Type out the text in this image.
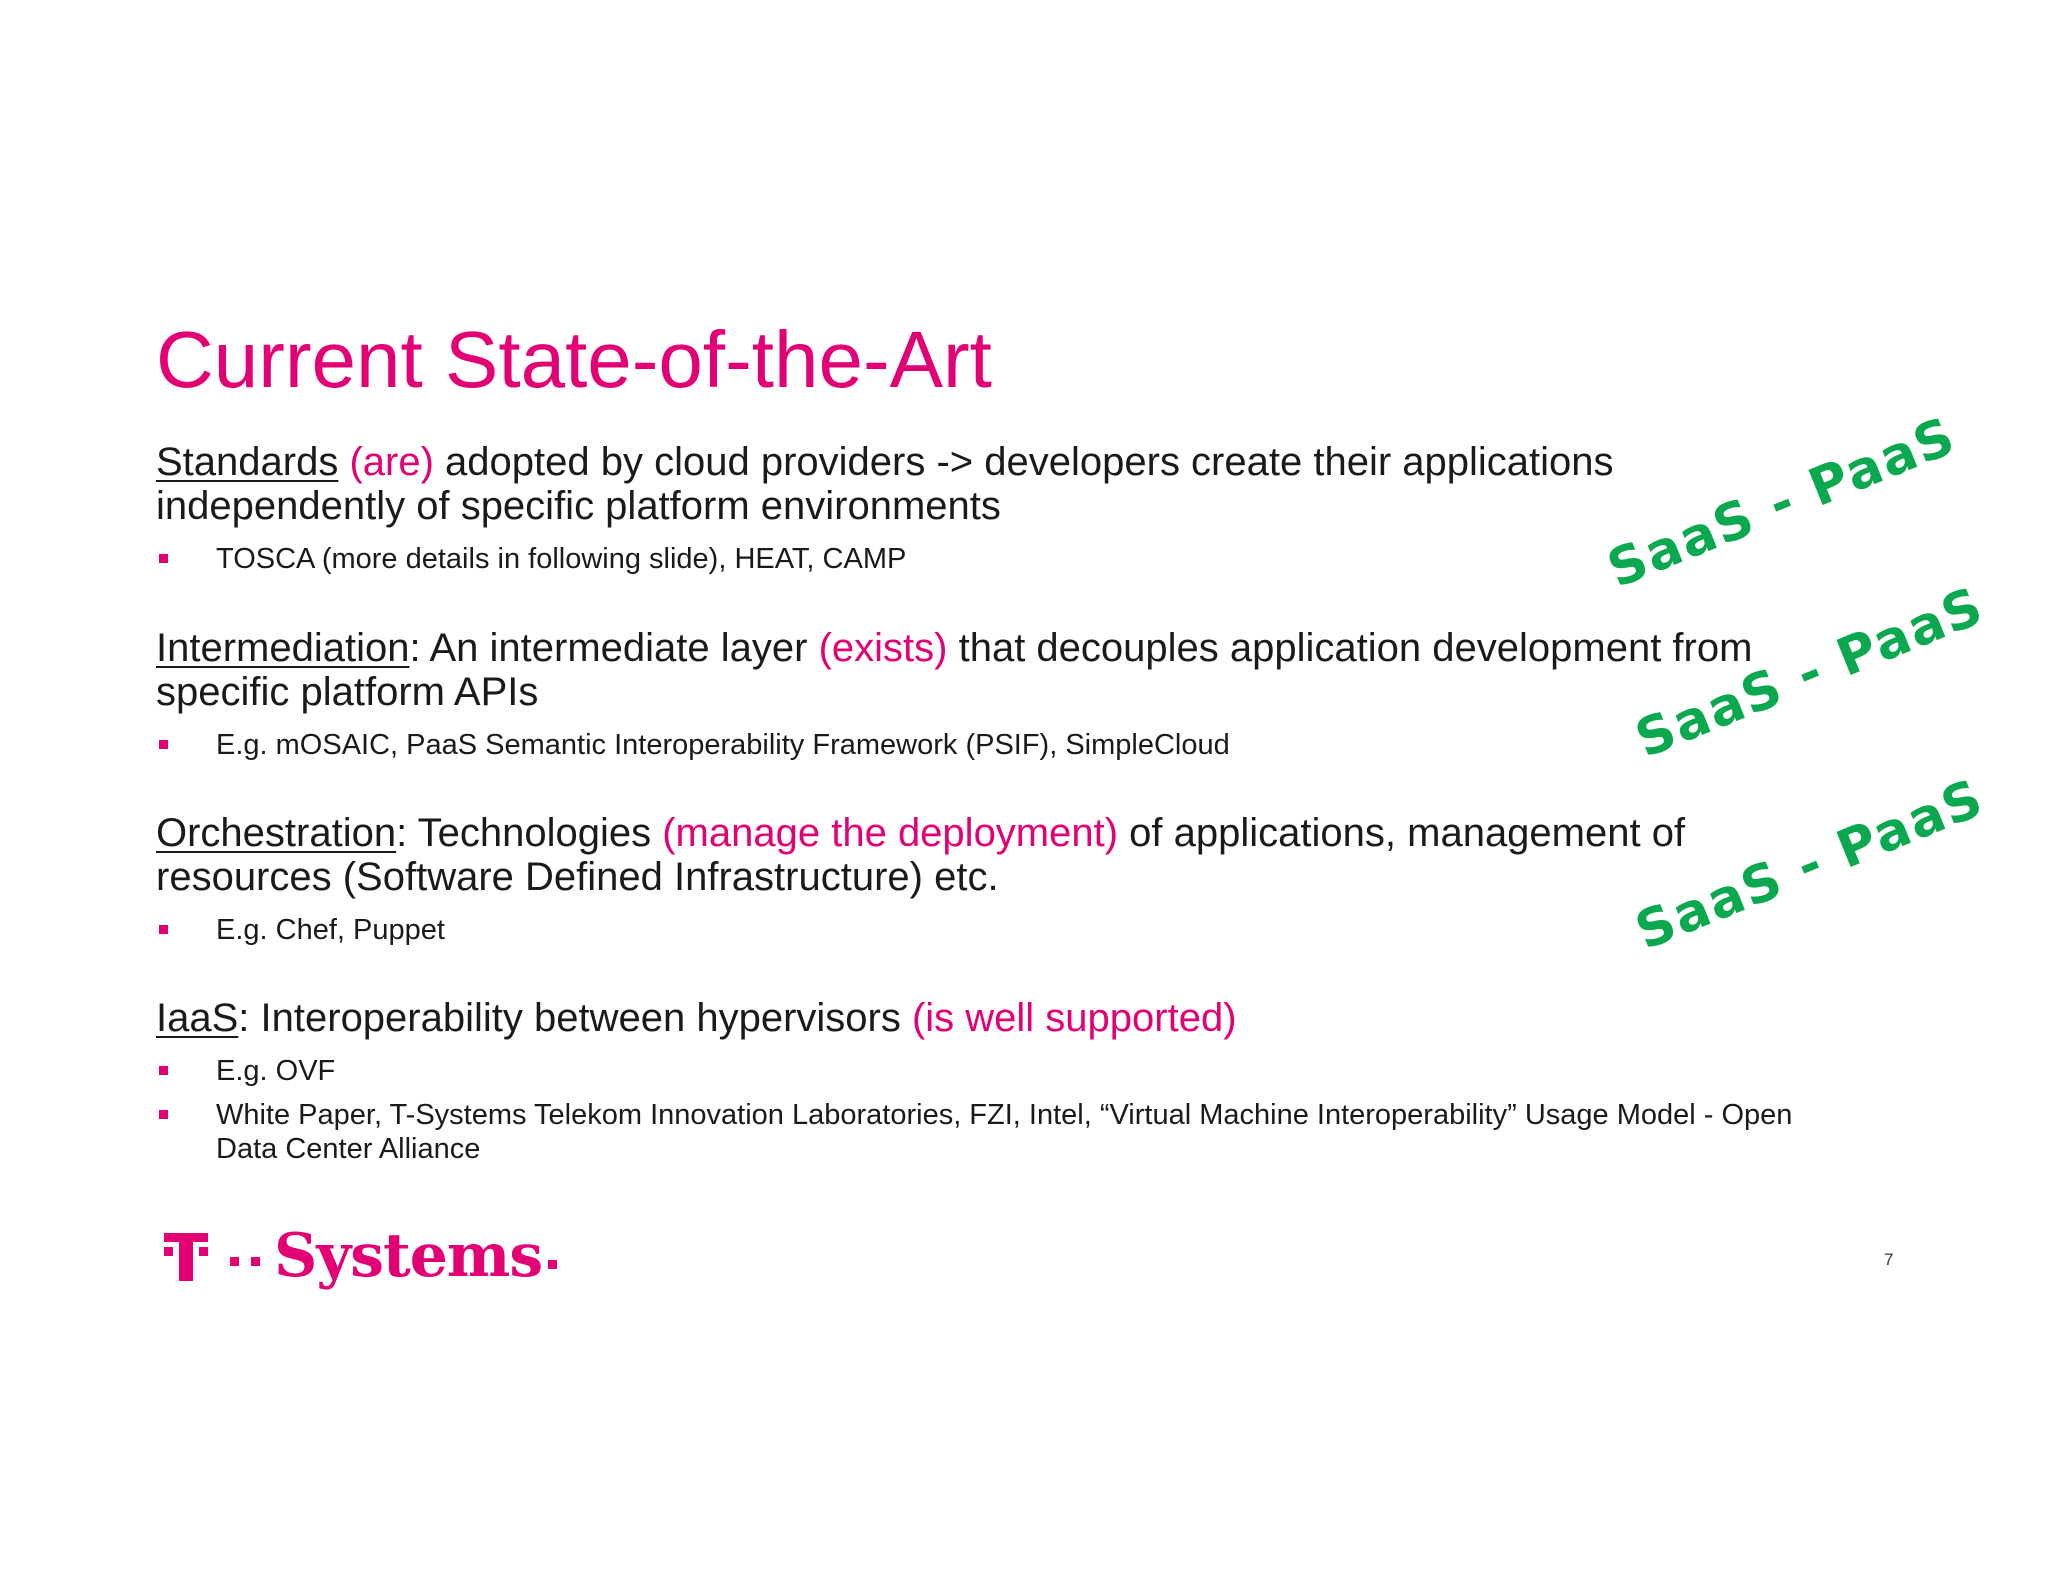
Current State-of-the-Art

Standards (are) adopted by cloud providers -> developers create their applications independently of specific platform environments

TOSCA (more details in following slide), HEAT, CAMP

Intermediation: An intermediate layer (exists) that decouples application development from specific platform APIs

E.g. mOSAIC, PaaS Semantic Interoperability Framework (PSIF), SimpleCloud

Orchestration: Technologies (manage the deployment) of applications, management of resources (Software Defined Infrastructure) etc.

E.g. Chef, Puppet

IaaS: Interoperability between hypervisors (is well supported)

E.g. OVF
White Paper, T-Systems Telekom Innovation Laboratories, FZI, Intel, “Virtual Machine Interoperability” Usage Model - Open Data Center Alliance
SaaS - PaaS
SaaS - PaaS
SaaS - PaaS
Systems	7
